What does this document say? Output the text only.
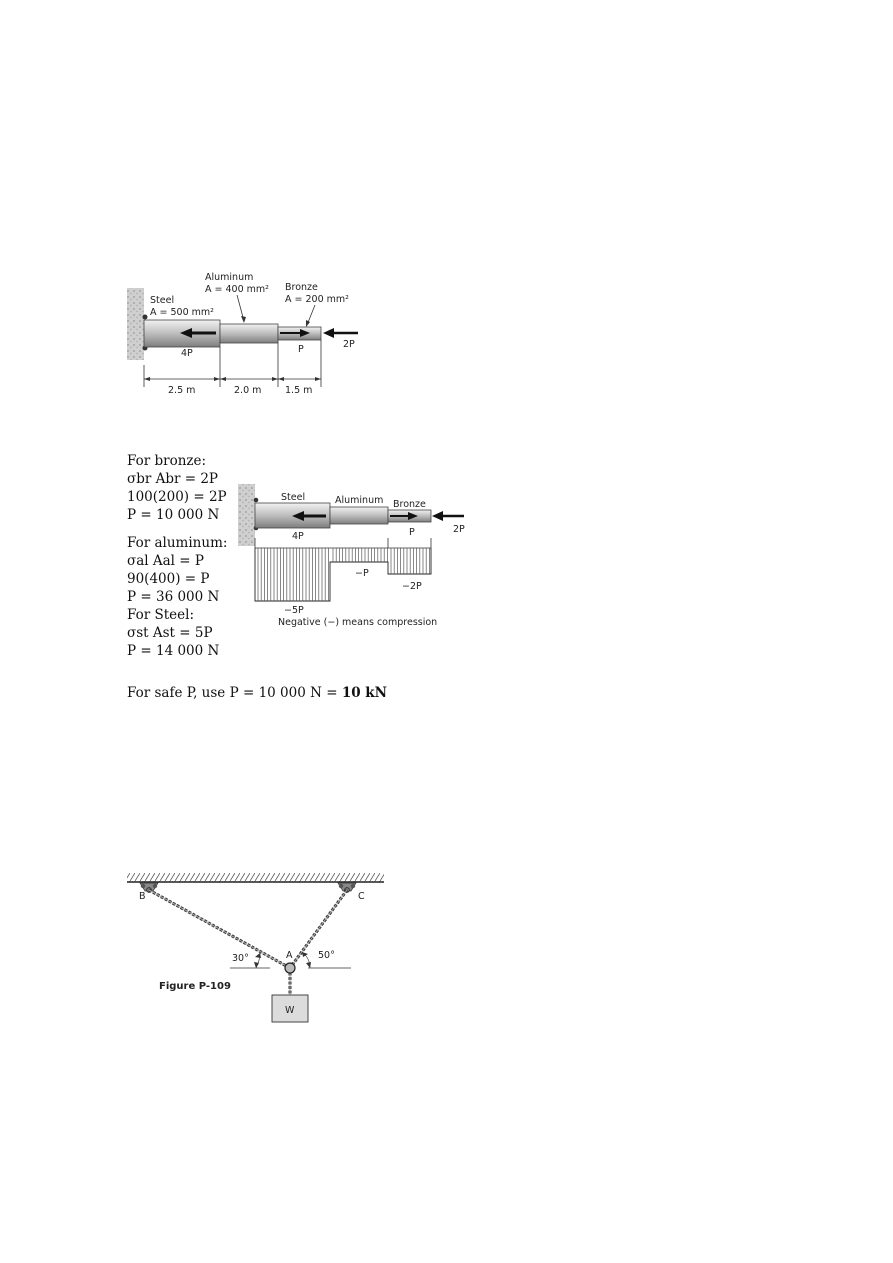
Steel
A = 500 mm²
Aluminum
A = 400 mm² Bronze
A = 200 mm²
4P	P	2P
2.5 m	2.0 m 1.5 m
For bronze:
σbr Abr = 2P
100(200) = 2P
P = 10 000 N
For aluminum:
σal Aal = P
90(400) = P
P = 36 000 N
For Steel:
σst Ast = 5P
P = 14 000 N
For safe P, use P = 10 000 N = 10 kN
Steel	Aluminum Bronze
4P	P	2P
−5P
−P
−2P
Negative (−) means compression
B	C
A
30°	50°
W
Figure P-109
